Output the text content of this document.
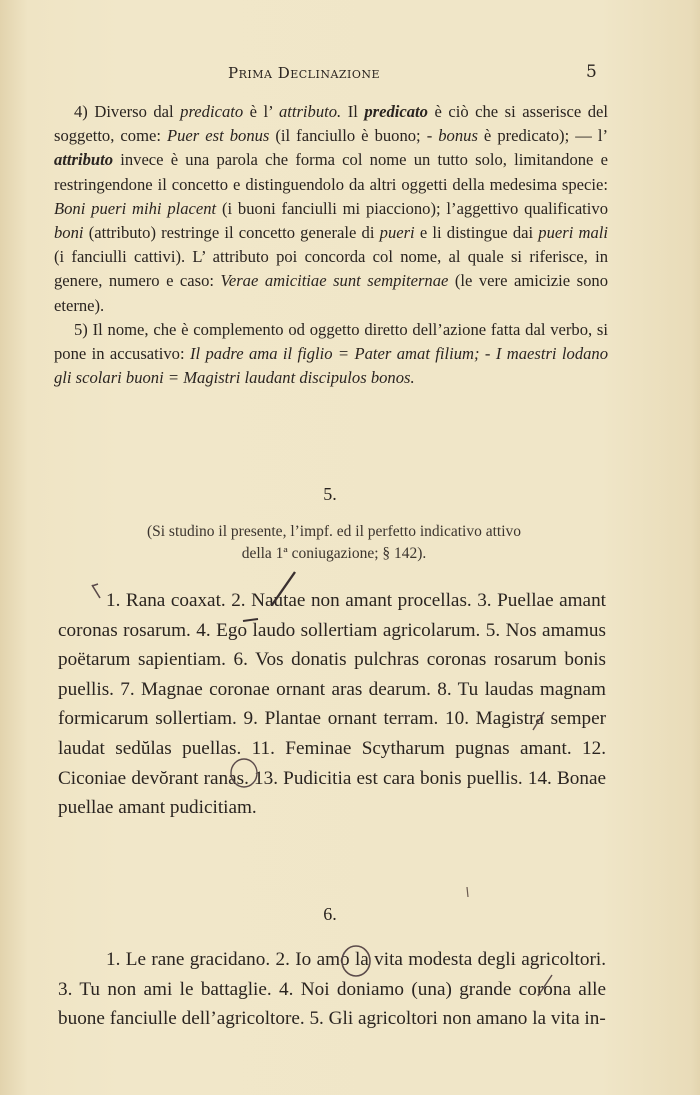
Prima Declinazione	5

4) Diverso dal predicato è l’ attributo. Il predicato è ciò che si asserisce del soggetto, come: Puer est bonus (il fanciullo è buono; - bonus è predicato); — l’ attributo invece è una parola che forma col nome un tutto solo, limitandone e restringendone il concetto e distinguendolo da altri oggetti della medesima specie: Boni pueri mihi placent (i buoni fanciulli mi piacciono); l’aggettivo qualificativo boni (attributo) restringe il concetto generale di pueri e li distingue dai pueri mali (i fanciulli cattivi). L’ attributo poi concorda col nome, al quale si riferisce, in genere, numero e caso: Verae amicitiae sunt sempiternae (le vere amicizie sono eterne).

5) Il nome, che è complemento od oggetto diretto dell’azione fatta dal verbo, si pone in accusativo: Il padre ama il figlio = Pater amat filium; - I maestri lodano gli scolari buoni = Magistri laudant discipulos bonos.

5.
(Si studino il presente, l’impf. ed il perfetto indicativo attivo
della 1ª coniugazione; § 142).

1. Rana coaxat. 2. Nautae non amant procellas. 3. Puellae amant coronas rosarum. 4. Ego laudo sollertiam agricolarum. 5. Nos amamus poëtarum sapientiam. 6. Vos donatis pulchras coronas rosarum bonis puellis. 7. Magnae coronae ornant aras dearum. 8. Tu laudas magnam formicarum sollertiam. 9. Plantae ornant terram. 10. Magistra semper laudat sedŭlas puellas. 11. Feminae Scytharum pugnas amant. 12. Ciconiae devŏrant ranas. 13. Pudicitia est cara bonis puellis. 14. Bonae puellae amant pudicitiam.

6.

1. Le rane gracidano. 2. Io amo la vita modesta degli agricoltori. 3. Tu non ami le battaglie. 4. Noi doniamo (una) grande corona alle buone fanciulle dell’agricoltore. 5. Gli agricoltori non amano la vita in-
